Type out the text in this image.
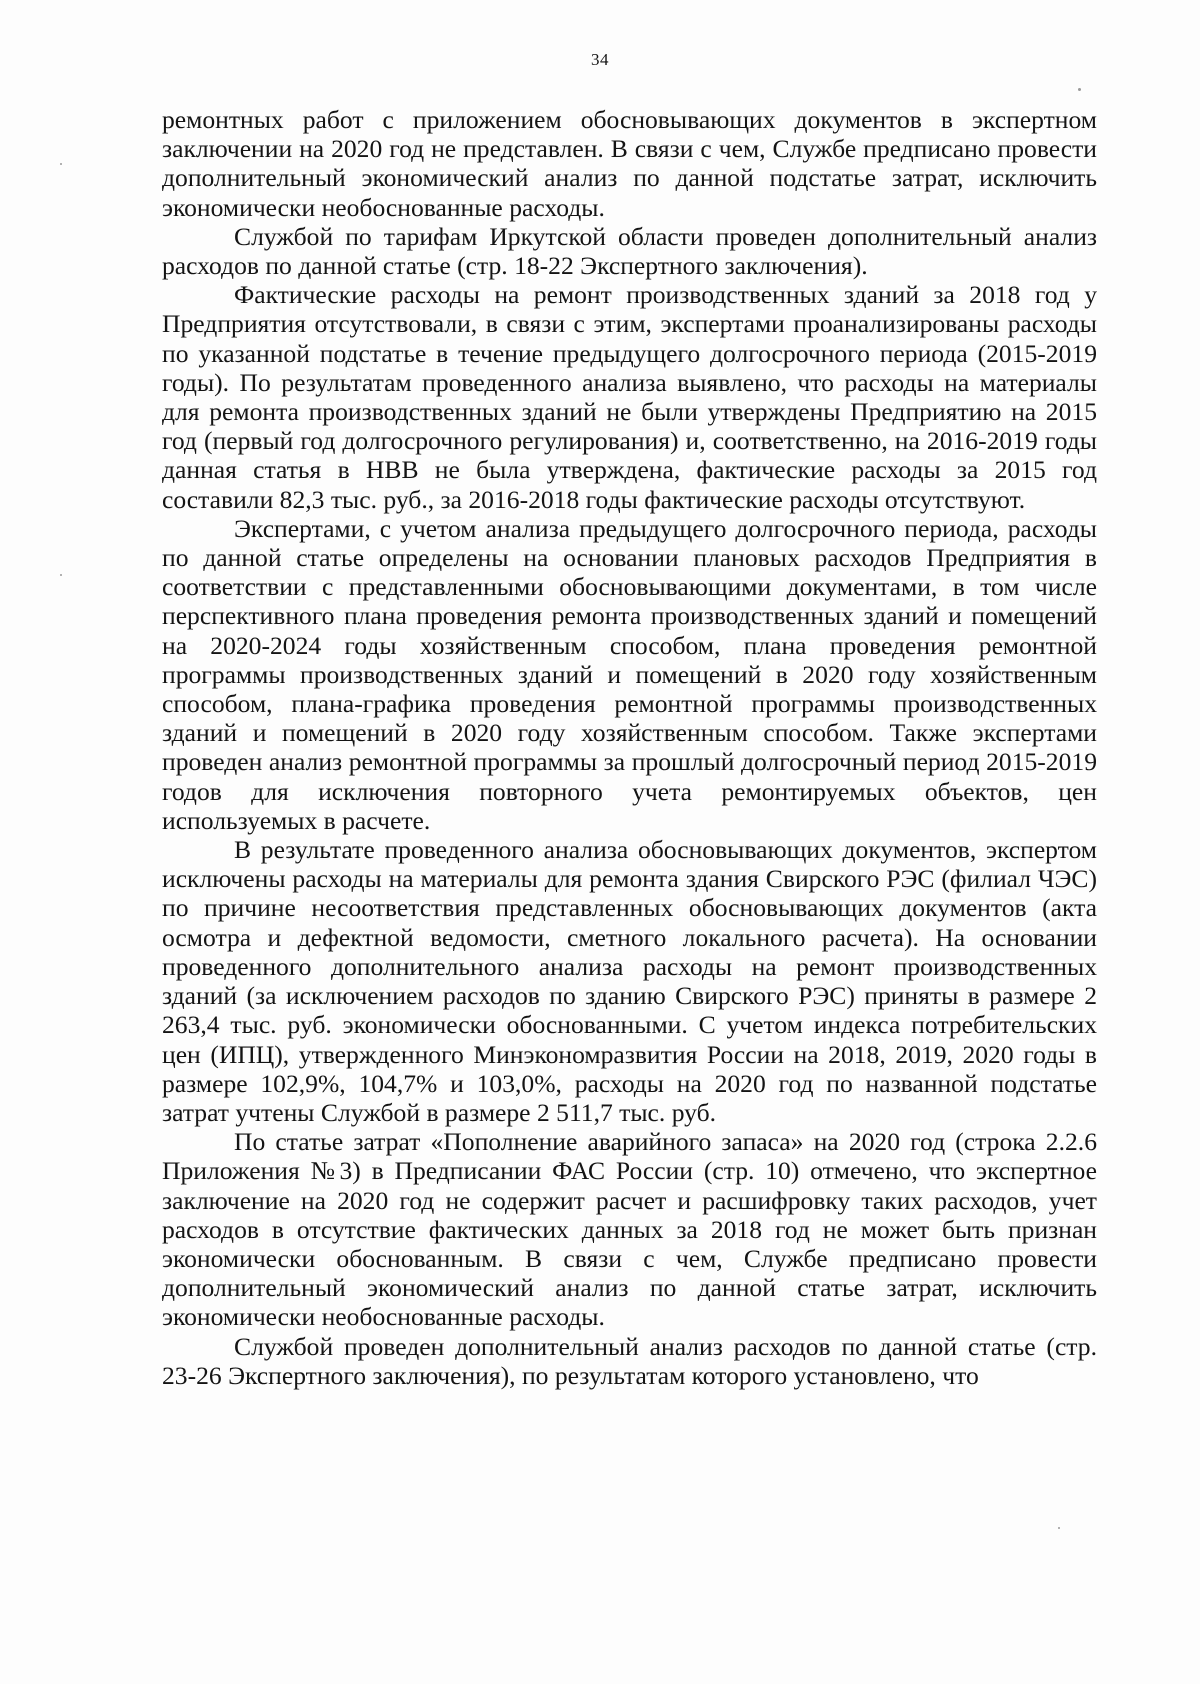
34

ремонтных работ с приложением обосновывающих документов в экспертном заключении на 2020 год не представлен. В связи с чем, Службе предписано провести дополнительный экономический анализ по данной подстатье затрат, исключить экономически необоснованные расходы.

Службой по тарифам Иркутской области проведен дополнительный анализ расходов по данной статье (стр. 18-22 Экспертного заключения).

Фактические расходы на ремонт производственных зданий за 2018 год у Предприятия отсутствовали, в связи с этим, экспертами проанализированы расходы по указанной подстатье в течение предыдущего долгосрочного периода (2015-2019 годы). По результатам проведенного анализа выявлено, что расходы на материалы для ремонта производственных зданий не были утверждены Предприятию на 2015 год (первый год долгосрочного регулирования) и, соответственно, на 2016-2019 годы данная статья в НВВ не была утверждена, фактические расходы за 2015 год составили 82,3 тыс. руб., за 2016-2018 годы фактические расходы отсутствуют.

Экспертами, с учетом анализа предыдущего долгосрочного периода, расходы по данной статье определены на основании плановых расходов Предприятия в соответствии с представленными обосновывающими документами, в том числе перспективного плана проведения ремонта производственных зданий и помещений на 2020-2024 годы хозяйственным способом, плана проведения ремонтной программы производственных зданий и помещений в 2020 году хозяйственным способом, плана-графика проведения ремонтной программы производственных зданий и помещений в 2020 году хозяйственным способом. Также экспертами проведен анализ ремонтной программы за прошлый долгосрочный период 2015-2019 годов для исключения повторного учета ремонтируемых объектов, цен используемых в расчете.

В результате проведенного анализа обосновывающих документов, экспертом исключены расходы на материалы для ремонта здания Свирского РЭС (филиал ЧЭС) по причине несоответствия представленных обосновывающих документов (акта осмотра и дефектной ведомости, сметного локального расчета). На основании проведенного дополнительного анализа расходы на ремонт производственных зданий (за исключением расходов по зданию Свирского РЭС) приняты в размере 2 263,4 тыс. руб. экономически обоснованными. С учетом индекса потребительских цен (ИПЦ), утвержденного Минэкономразвития России на 2018, 2019, 2020 годы в размере 102,9%, 104,7% и 103,0%, расходы на 2020 год по названной подстатье затрат учтены Службой в размере 2 511,7 тыс. руб.

По статье затрат «Пополнение аварийного запаса» на 2020 год (строка 2.2.6 Приложения №3) в Предписании ФАС России (стр. 10) отмечено, что экспертное заключение на 2020 год не содержит расчет и расшифровку таких расходов, учет расходов в отсутствие фактических данных за 2018 год не может быть признан экономически обоснованным. В связи с чем, Службе предписано провести дополнительный экономический анализ по данной статье затрат, исключить экономически необоснованные расходы.

Службой проведен дополнительный анализ расходов по данной статье (стр. 23-26 Экспертного заключения), по результатам которого установлено, что
